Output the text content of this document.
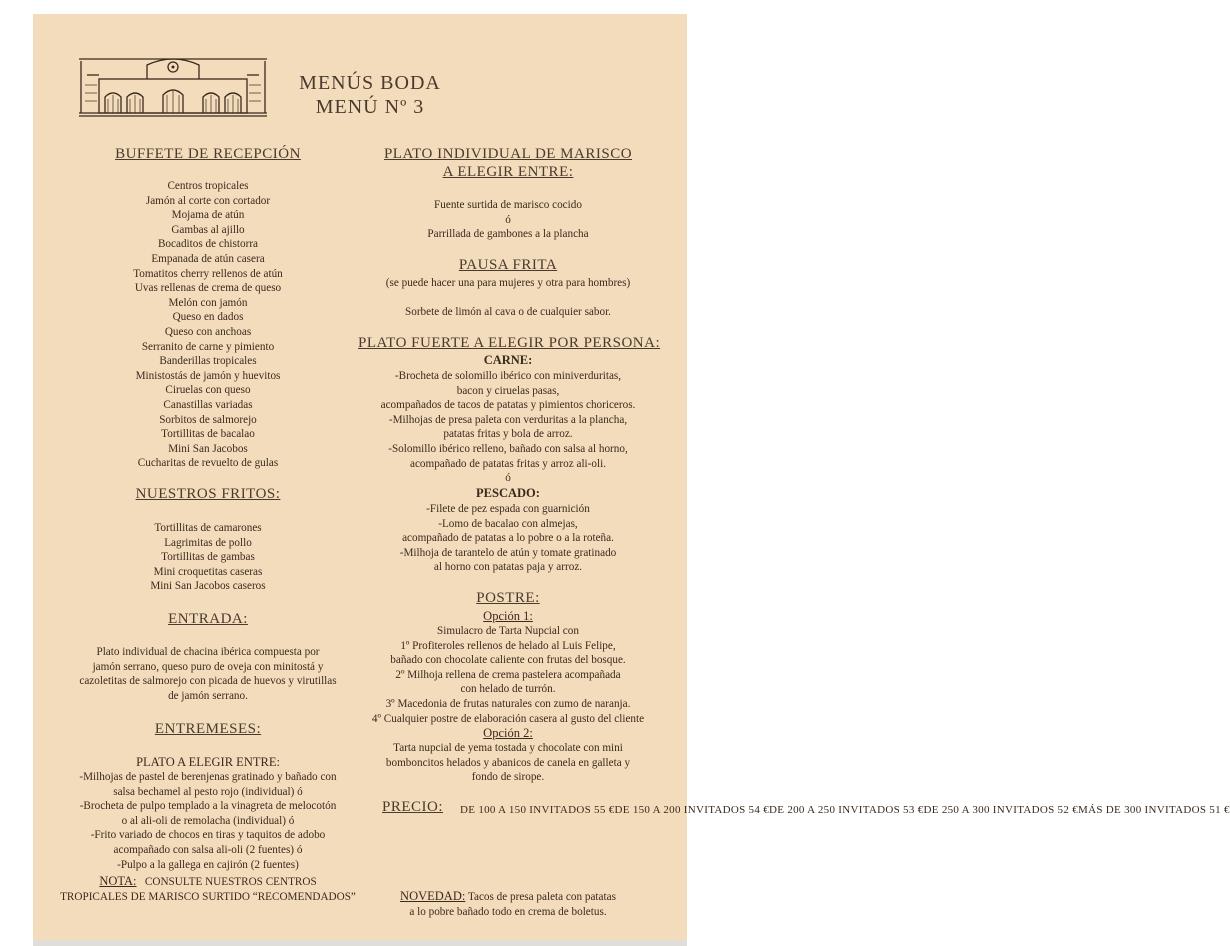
MENÚS BODA
MENÚ Nº 3
BUFFETE DE RECEPCIÓN
Centros tropicales
Jamón al corte con cortador
Mojama de atún
Gambas al ajillo
Bocaditos de chistorra
Empanada de atún casera
Tomatitos cherry rellenos de atún
Uvas rellenas de crema de queso
Melón con jamón
Queso en dados
Queso con anchoas
Serranito de carne y pimiento
Banderillas tropicales
Ministostás de jamón y huevitos
Ciruelas con queso
Canastillas variadas
Sorbitos de salmorejo
Tortillitas de bacalao
Mini San Jacobos
Cucharitas de revuelto de gulas
NUESTROS FRITOS:
Tortillitas de camarones
Lagrimitas de pollo
Tortillitas de gambas
Mini croquetitas caseras
Mini San Jacobos caseros
ENTRADA:
Plato individual de chacina ibérica compuesta por
jamón serrano, queso puro de oveja con minitostá y
cazoletitas de salmorejo con picada de huevos y virutillas
de jamón serrano.
ENTREMESES:
PLATO A ELEGIR ENTRE:
-Milhojas de pastel de berenjenas gratinado y bañado con
salsa bechamel al pesto rojo (individual) ó
-Brocheta de pulpo templado a la vinagreta de melocotón
o al ali-oli de remolacha (individual) ó
-Frito variado de chocos en tiras y taquitos de adobo
acompañado con salsa ali-oli (2 fuentes) ó
-Pulpo a la gallega en cajirón (2 fuentes)
NOTA: CONSULTE NUESTROS CENTROS
TROPICALES DE MARISCO SURTIDO “RECOMENDADOS”
PLATO INDIVIDUAL DE MARISCO
A ELEGIR ENTRE:
Fuente surtida de marisco cocido
ó
Parrillada de gambones a la plancha
PAUSA FRITA
(se puede hacer una para mujeres y otra para hombres)
Sorbete de limón al cava o de cualquier sabor.
PLATO FUERTE A ELEGIR POR PERSONA:
CARNE:
-Brocheta de solomillo ibérico con miniverduritas,
bacon y ciruelas pasas,
acompañados de tacos de patatas y pimientos choriceros.
-Milhojas de presa paleta con verduritas a la plancha,
patatas fritas y bola de arroz.
-Solomillo ibérico relleno, bañado con salsa al horno,
acompañado de patatas fritas y arroz ali-oli.
ó
PESCADO:
-Filete de pez espada con guarnición
-Lomo de bacalao con almejas,
acompañado de patatas a lo pobre o a la roteña.
-Milhoja de tarantelo de atún y tomate gratinado
al horno con patatas paja y arroz.
POSTRE:
Opción 1:
Simulacro de Tarta Nupcial con
1º Profiteroles rellenos de helado al Luis Felipe,
bañado con chocolate caliente con frutas del bosque.
2º Milhoja rellena de crema pastelera acompañada
con helado de turrón.
3º Macedonia de frutas naturales con zumo de naranja.
4º Cualquier postre de elaboración casera al gusto del cliente
Opción 2:
Tarta nupcial de yema tostada y chocolate con mini
bomboncitos helados y abanicos de canela en galleta y
fondo de sirope.
PRECIO: DE 100 A 150 INVITADOS 55 €DE 150 A 200 INVITADOS 54 €DE 200 A 250 INVITADOS 53 €DE 250 A 300 INVITADOS 52 €MÁS DE 300 INVITADOS 51 €
NOVEDAD: Tacos de presa paleta con patatas
a lo pobre bañado todo en crema de boletus.
